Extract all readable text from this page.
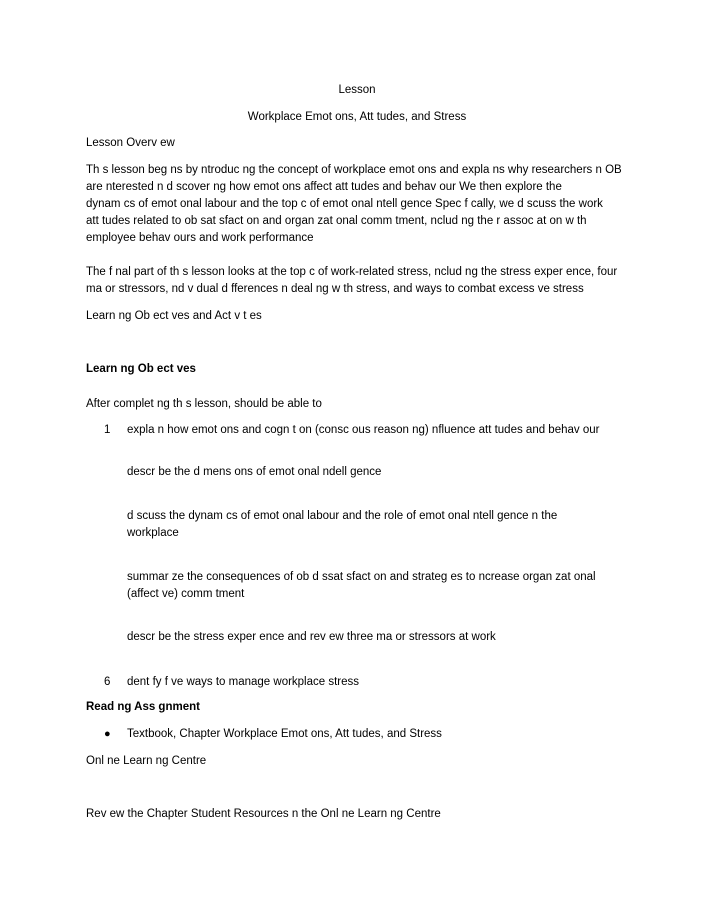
Lesson
Workplace Emot ons, Att tudes, and Stress
Lesson Overv ew
Th s lesson beg ns by ntroduc ng the concept of workplace emot ons and expla ns why researchers n OB
are nterested n d scover ng how emot ons affect att tudes and behav our We then explore the
dynam cs of emot onal labour and the top c of emot onal ntell gence Spec f cally, we d scuss the work
att tudes related to ob sat sfact on and organ zat onal comm tment, nclud ng the r assoc at on w th
employee behav ours and work performance
The f nal part of th s lesson looks at the top c of work-related stress, nclud ng the stress exper ence, four
ma or stressors, nd v dual d fferences n deal ng w th stress, and ways to combat excess ve stress
Learn ng Ob ect ves and Act v t es
Learn ng Ob ect ves
After complet ng th s lesson, should be able to
1 expla n how emot ons and cogn t on (consc ous reason ng) nfluence att tudes and behav our
descr be the d mens ons of emot onal ndell gence
d scuss the dynam cs of emot onal labour and the role of emot onal ntell gence n the
workplace
summar ze the consequences of ob d ssat sfact on and strateg es to ncrease organ zat onal
(affect ve) comm tment
descr be the stress exper ence and rev ew three ma or stressors at work
6 dent fy f ve ways to manage workplace stress
Read ng Ass gnment
● Textbook, Chapter Workplace Emot ons, Att tudes, and Stress
Onl ne Learn ng Centre
Rev ew the Chapter Student Resources n the Onl ne Learn ng Centre
